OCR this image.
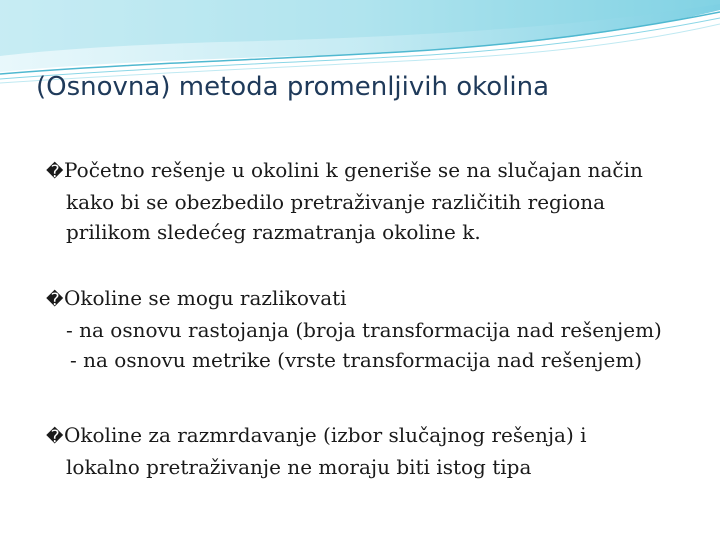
(Osnovna) metoda promenljivih okolina
�Početno rešenje u okolini k generiše se na slučajan način
kako bi se obezbedilo pretraživanje različitih regiona
prilikom sledećeg razmatranja okoline k.
�Okoline se mogu razlikovati
- na osnovu rastojanja (broja transformacija nad rešenjem)
- na osnovu metrike (vrste transformacija nad rešenjem)
�Okoline za razmrdavanje (izbor slučajnog rešenja) i
lokalno pretraživanje ne moraju biti istog tipa
